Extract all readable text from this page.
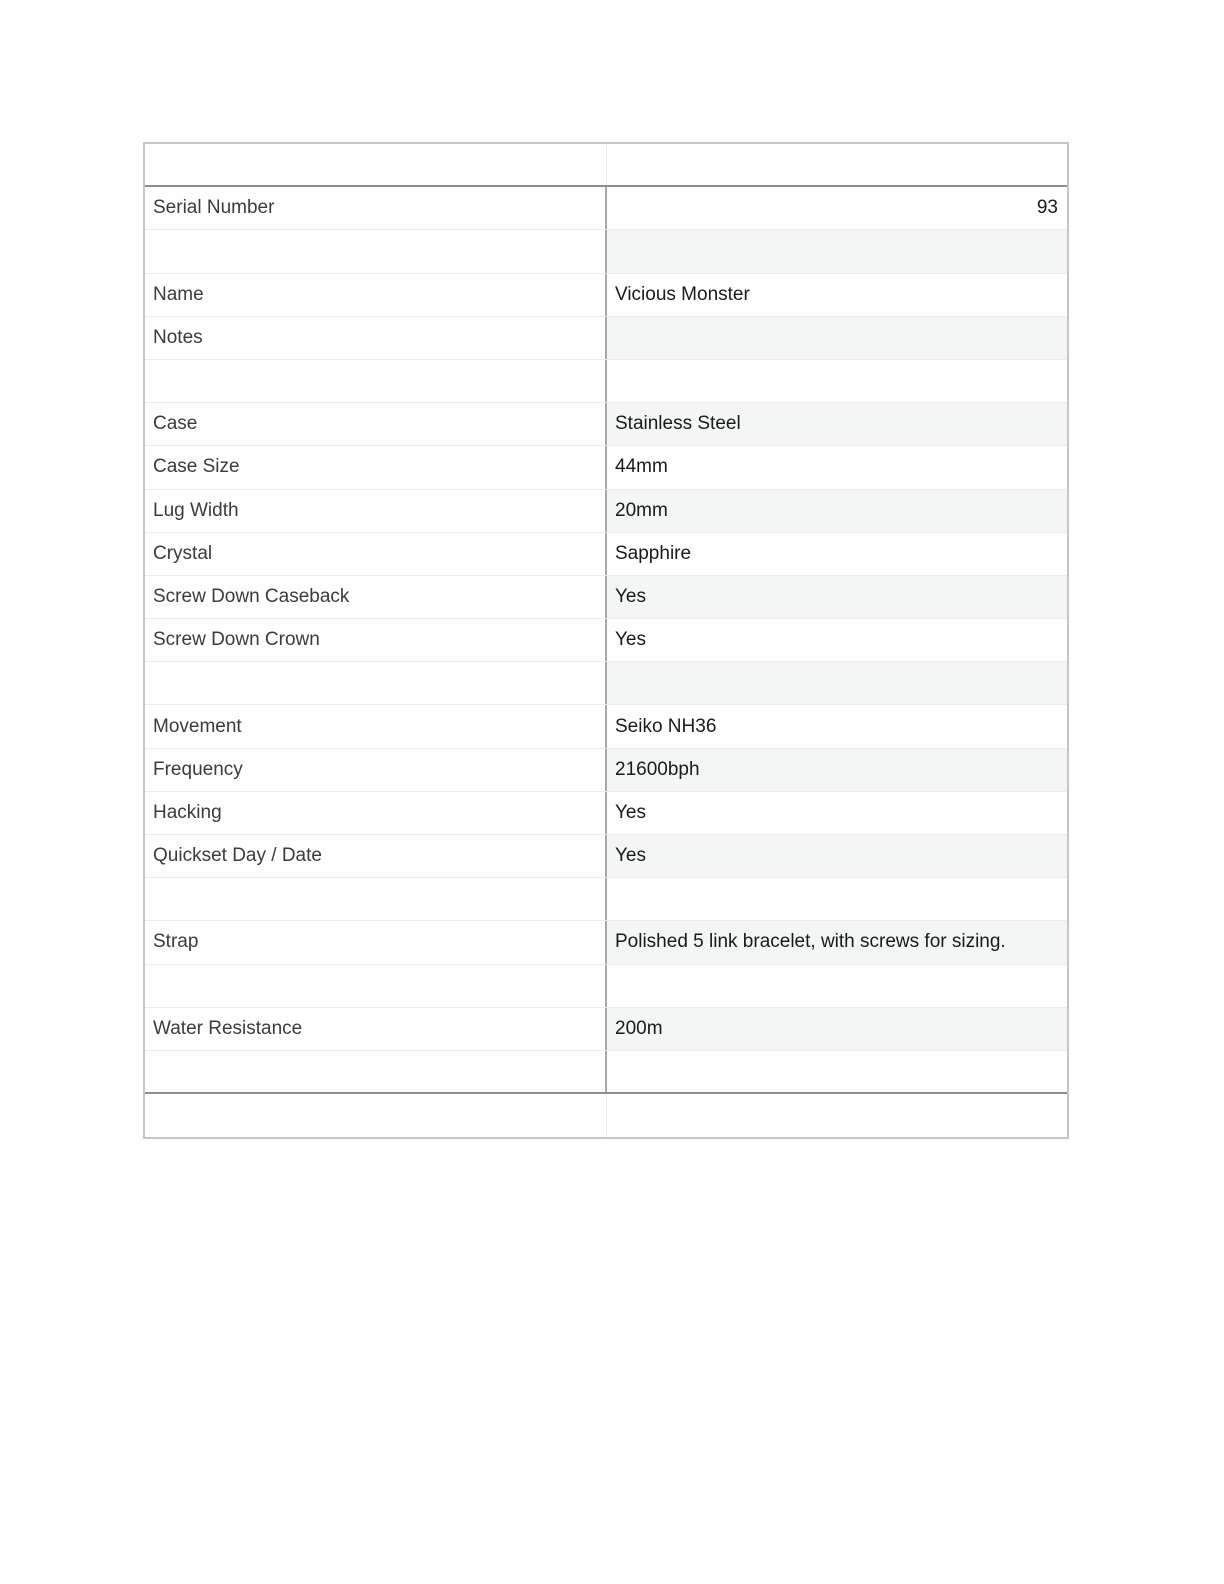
Serial Number	93
Name	Vicious Monster
Notes
Case	Stainless Steel
Case Size	44mm
Lug Width	20mm
Crystal	Sapphire
Screw Down Caseback	Yes
Screw Down Crown	Yes
Movement	Seiko NH36
Frequency	21600bph
Hacking	Yes
Quickset Day / Date	Yes
Strap	Polished 5 link bracelet, with screws for sizing.
Water Resistance	200m
